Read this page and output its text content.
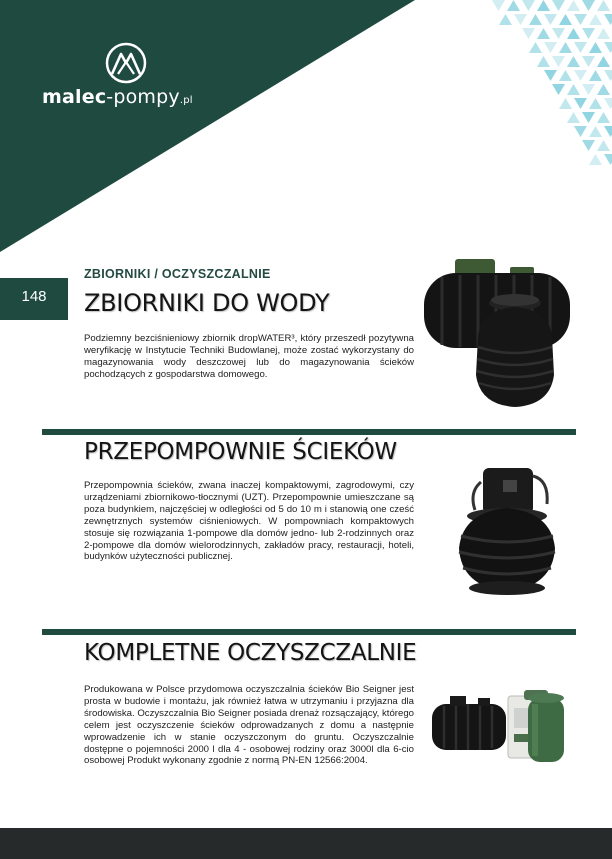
malec-pompy.pl
148
ZBIORNIKI / OCZYSZCZALNIE
ZBIORNIKI DO WODY
Podziemny bezciśnieniowy zbiornik dropWATER³, który przeszedł pozytywna weryfikację w Instytucie Techniki Budowlanej, może zostać wykorzystany do magazynowania wody deszczowej lub do magazynowania ścieków pochodzących z gospodarstwa domowego.
PRZEPOMPOWNIE ŚCIEKÓW
Przepompownia ścieków, zwana inaczej kompaktowymi, zagrodowymi, czy urządzeniami zbiornikowo-tłocznymi (UZT). Przepompownie umieszczane są poza budynkiem, najczęściej w odległości od 5 do 10 m i stanowią one cześć zewnętrznych systemów ciśnieniowych. W pompowniach kompaktowych stosuje się rozwiązania 1-pompowe dla domów jedno- lub 2-rodzinnych oraz 2-pompowe dla domów wielorodzinnych, zakładów pracy, restauracji, hoteli, budynków użyteczności publicznej.
KOMPLETNE OCZYSZCZALNIE
Produkowana w Polsce przydomowa oczyszczalnia ścieków Bio Seigner jest prosta w budowie i montażu, jak również łatwa w utrzymaniu i przyjazna dla środowiska. Oczyszczalnia Bio Seigner posiada drenaż rozsączający, którego celem jest oczyszczenie ścieków odprowadzanych z domu a następnie wprowadzenie ich w stanie oczyszczonym do gruntu. Oczyszczalnie dostępne o pojemności 2000 l dla 4 - osobowej rodziny oraz 3000l dla 6-cio osobowej Produkt wykonany zgodnie z normą PN-EN 12566:2004.
